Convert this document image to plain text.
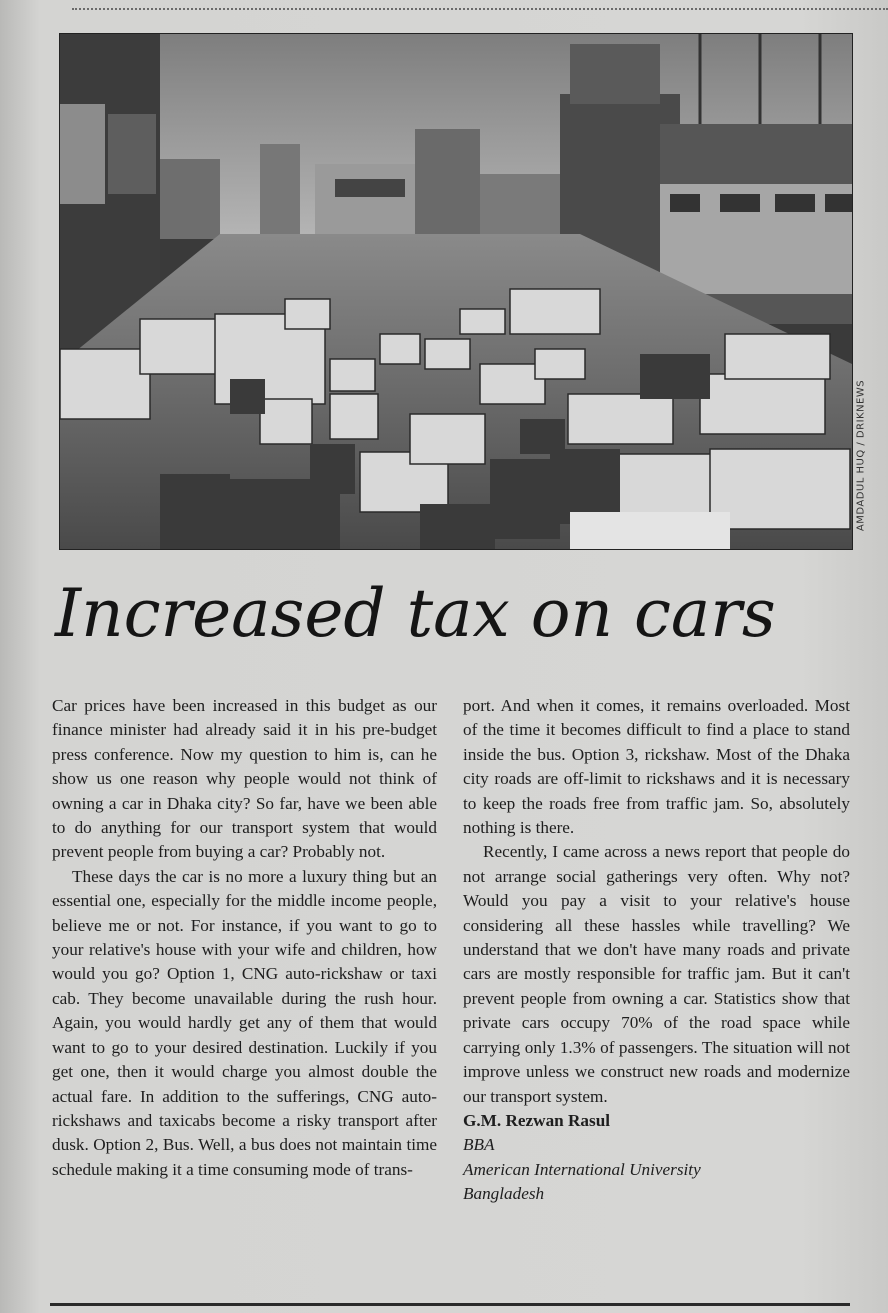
AMDADUL HUQ / DRIKNEWS
Increased tax on cars

Car prices have been increased in this budget as our finance minister had already said it in his pre-budget press conference. Now my question to him is, can he show us one reason why people would not think of owning a car in Dhaka city? So far, have we been able to do anything for our transport system that would prevent people from buying a car? Probably not.

These days the car is no more a luxury thing but an essential one, especially for the middle income people, believe me or not. For instance, if you want to go to your relative's house with your wife and children, how would you go? Option 1, CNG auto-rickshaw or taxi cab. They become unavailable during the rush hour. Again, you would hardly get any of them that would want to go to your desired destination. Luckily if you get one, then it would charge you almost double the actual fare. In addition to the sufferings, CNG auto-rickshaws and taxicabs become a risky transport after dusk. Option 2, Bus. Well, a bus does not maintain time schedule making it a time consuming mode of trans-

port. And when it comes, it remains overloaded. Most of the time it becomes difficult to find a place to stand inside the bus. Option 3, rickshaw. Most of the Dhaka city roads are off-limit to rickshaws and it is necessary to keep the roads free from traffic jam. So, absolutely nothing is there.

Recently, I came across a news report that people do not arrange social gatherings very often. Why not? Would you pay a visit to your relative's house considering all these hassles while travelling? We understand that we don't have many roads and private cars are mostly responsible for traffic jam. But it can't prevent people from owning a car. Statistics show that private cars occupy 70% of the road space while carrying only 1.3% of passengers. The situation will not improve unless we construct new roads and modernize our transport system.

G.M. Rezwan Rasul
BBA
American International University
Bangladesh
